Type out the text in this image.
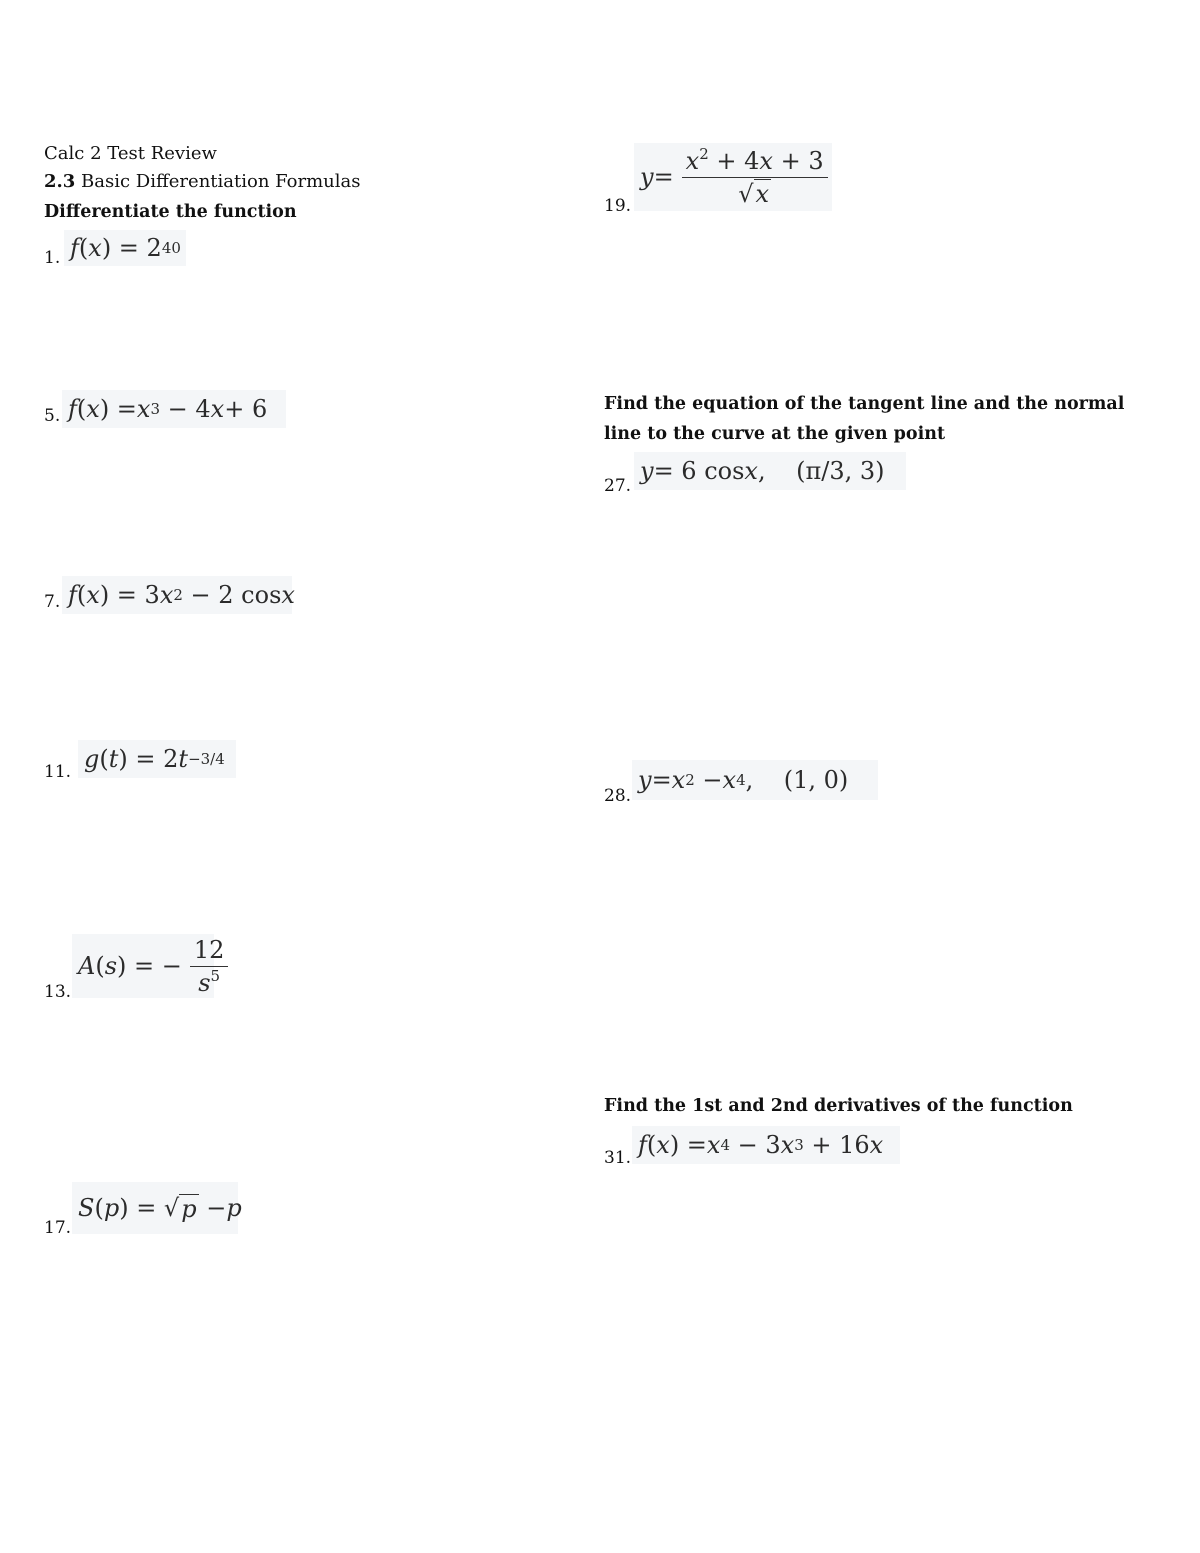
Calc 2 Test Review
2.3 Basic Differentiation Formulas
Differentiate the function
1. f ( x ) = 2 40
5. f ( x ) = x 3 − 4 x + 6
7. f ( x ) = 3 x 2 − 2 cos x
11. g ( t ) = 2 t −3/4
13.
A ( s ) = − $\frac{12}{s^5}$
17.
S ( p ) = √ p − p
19.
$y = \frac{x^2 + 4x + 3}{√x}$
Find the equation of the tangent line and the normal
line to the curve at the given point
27.
y = 6 cos x ,    (π/3, 3)
28.
y = x 2 − x 4 ,    (1, 0)
Find the 1st and 2nd derivatives of the function
31. f ( x ) = x 4 − 3 x 3 + 16 x
